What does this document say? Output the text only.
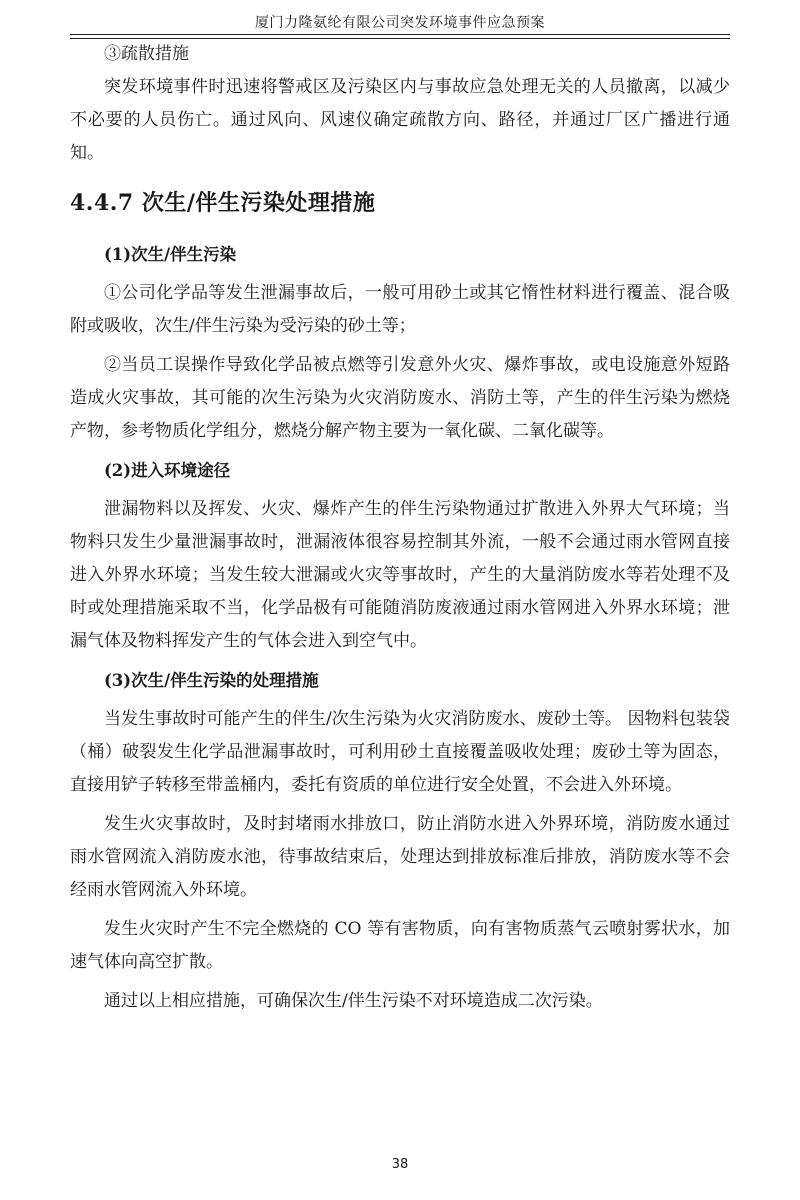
厦门力隆氨纶有限公司突发环境事件应急预案

③疏散措施

突发环境事件时迅速将警戒区及污染区内与事故应急处理无关的人员撤离，以减少不必要的人员伤亡。通过风向、风速仪确定疏散方向、路径，并通过厂区广播进行通知。

4.4.7 次生/伴生污染处理措施

(1)次生/伴生污染

①公司化学品等发生泄漏事故后，一般可用砂土或其它惰性材料进行覆盖、混合吸附或吸收，次生/伴生污染为受污染的砂土等；

②当员工误操作导致化学品被点燃等引发意外火灾、爆炸事故，或电设施意外短路造成火灾事故，其可能的次生污染为火灾消防废水、消防土等，产生的伴生污染为燃烧产物，参考物质化学组分，燃烧分解产物主要为一氧化碳、二氧化碳等。

(2)进入环境途径

泄漏物料以及挥发、火灾、爆炸产生的伴生污染物通过扩散进入外界大气环境；当物料只发生少量泄漏事故时，泄漏液体很容易控制其外流，一般不会通过雨水管网直接进入外界水环境；当发生较大泄漏或火灾等事故时，产生的大量消防废水等若处理不及时或处理措施采取不当，化学品极有可能随消防废液通过雨水管网进入外界水环境；泄漏气体及物料挥发产生的气体会进入到空气中。

(3)次生/伴生污染的处理措施

当发生事故时可能产生的伴生/次生污染为火灾消防废水、废砂土等。 因物料包装袋（桶）破裂发生化学品泄漏事故时，可利用砂土直接覆盖吸收处理；废砂土等为固态，直接用铲子转移至带盖桶内，委托有资质的单位进行安全处置，不会进入外环境。

发生火灾事故时，及时封堵雨水排放口，防止消防水进入外界环境，消防废水通过雨水管网流入消防废水池，待事故结束后，处理达到排放标准后排放，消防废水等不会经雨水管网流入外环境。

发生火灾时产生不完全燃烧的 CO 等有害物质，向有害物质蒸气云喷射雾状水，加速气体向高空扩散。

通过以上相应措施，可确保次生/伴生污染不对环境造成二次污染。

38
